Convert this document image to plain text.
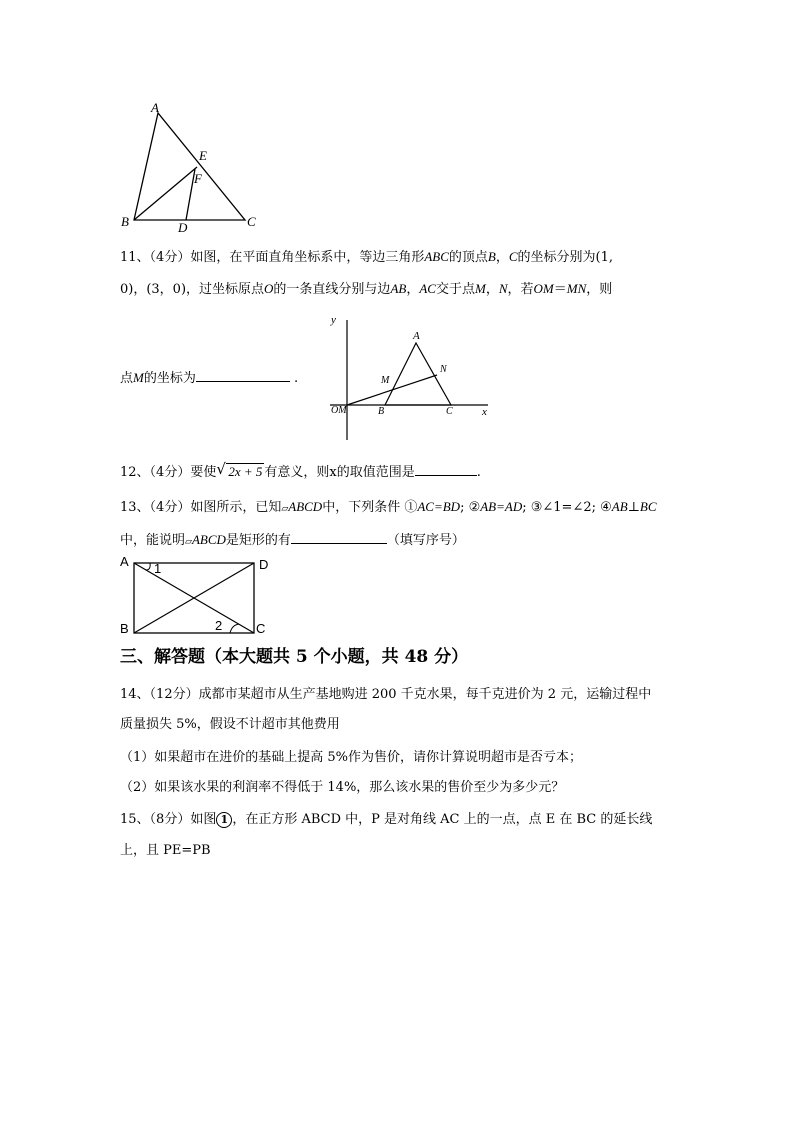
A
E
F
B	D	C
11、（4分）如图，在平面直角坐标系中，等边三角形ABC的顶点B，C的坐标分别为(1,
0)，(3，0)，过坐标原点O的一条直线分别与边AB，AC交于点M，N，若OM＝MN，则
点M的坐标为	.
y
A
M
N
OM	B	C	x
12、（4分）要使 √ 2x + 5 有意义，则x的取值范围是	.
13、（4分）如图所示，已知▱ABCD中，下列条件 ①AC=BD; ②AB=AD; ③∠1=∠2; ④AB⊥BC
中，能说明▱ABCD是矩形的有	（填写序号）
A	D
B	C
1
2
三、解答题（本大题共 5 个小题，共 48 分）
14、（12分）成都市某超市从生产基地购进 200 千克水果，每千克进价为 2 元，运输过程中
质量损失 5%，假设不计超市其他费用
（1）如果超市在进价的基础上提高 5%作为售价，请你计算说明超市是否亏本；
（2）如果该水果的利润率不得低于 14%，那么该水果的售价至少为多少元？
15、（8分）如图 1 ，在正方形 ABCD 中，P 是对角线 AC 上的一点，点 E 在 BC 的延长线
上，且 PE=PB
